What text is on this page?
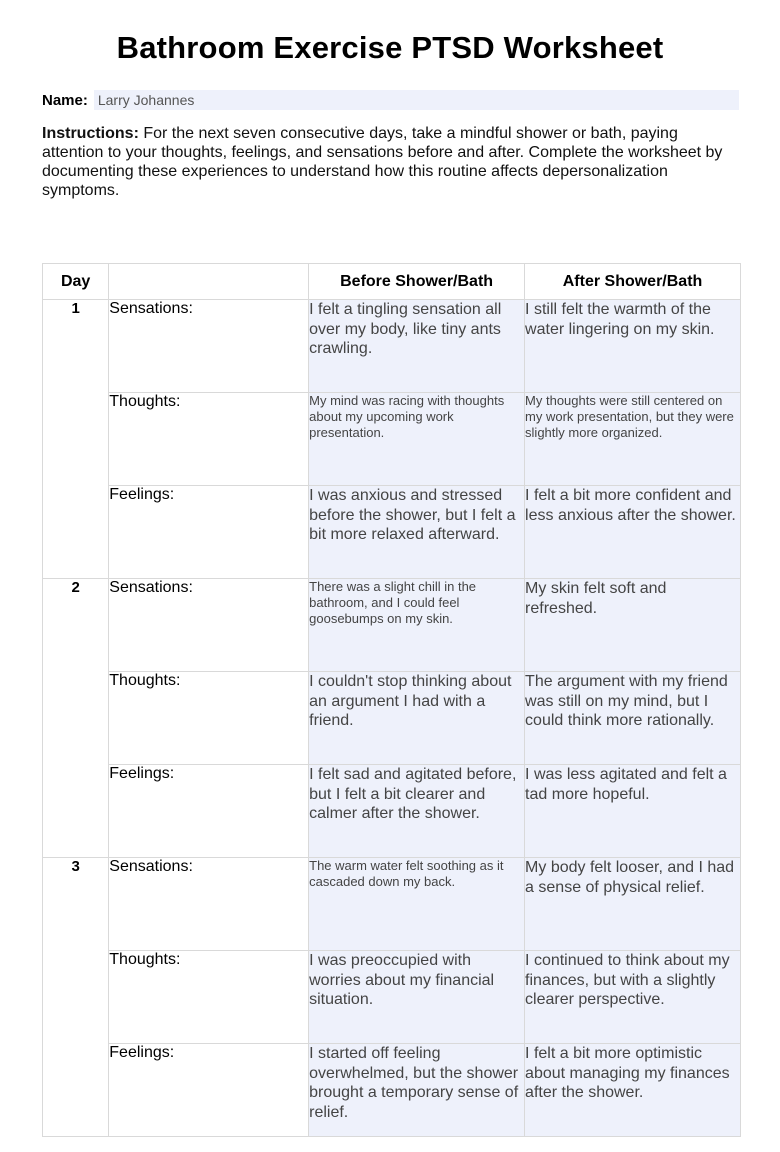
Bathroom Exercise PTSD Worksheet
Name: Larry Johannes
Instructions: For the next seven consecutive days, take a mindful shower or bath, paying attention to your thoughts, feelings, and sensations before and after. Complete the worksheet by documenting these experiences to understand how this routine affects depersonalization symptoms.
Day		Before Shower/Bath	After Shower/Bath
1	Sensations:	I felt a tingling sensation all over my body, like tiny ants crawling.	I still felt the warmth of the water lingering on my skin.
	Thoughts:	My mind was racing with thoughts about my upcoming work presentation.	My thoughts were still centered on my work presentation, but they were slightly more organized.
	Feelings:	I was anxious and stressed before the shower, but I felt a bit more relaxed afterward.	I felt a bit more confident and less anxious after the shower.
2	Sensations:	There was a slight chill in the bathroom, and I could feel goosebumps on my skin.	My skin felt soft and refreshed.
	Thoughts:	I couldn't stop thinking about an argument I had with a friend.	The argument with my friend was still on my mind, but I could think more rationally.
	Feelings:	I felt sad and agitated before, but I felt a bit clearer and calmer after the shower.	I was less agitated and felt a tad more hopeful.
3	Sensations:	The warm water felt soothing as it cascaded down my back.	My body felt looser, and I had a sense of physical relief.
	Thoughts:	I was preoccupied with worries about my financial situation.	I continued to think about my finances, but with a slightly clearer perspective.
	Feelings:	I started off feeling overwhelmed, but the shower brought a temporary sense of relief.	I felt a bit more optimistic about managing my finances after the shower.
